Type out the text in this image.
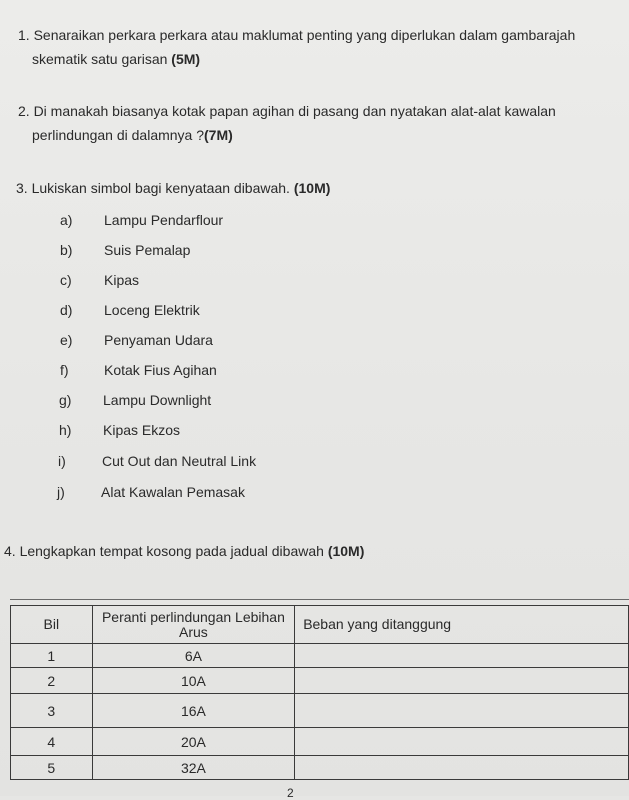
1. Senaraikan perkara perkara atau maklumat penting yang diperlukan dalam gambarajah
skematik satu garisan (5M)
2. Di manakah biasanya kotak papan agihan di pasang dan nyatakan alat-alat kawalan
perlindungan di dalamnya ?(7M)
3. Lukiskan simbol bagi kenyataan dibawah. (10M)
a) Lampu Pendarflour
b) Suis Pemalap
c) Kipas
d) Loceng Elektrik
e) Penyaman Udara
f)	Kotak Fius Agihan
g) Lampu Downlight
h) Kipas Ekzos
i)	Cut Out dan Neutral Link
j)	Alat Kawalan Pemasak
4. Lengkapkan tempat kosong pada jadual dibawah (10M)
Bil	Peranti perlindungan Lebihan Arus	Beban yang ditanggung
1	6A	
2	10A	
3	16A	
4	20A	
5	32A	
2
